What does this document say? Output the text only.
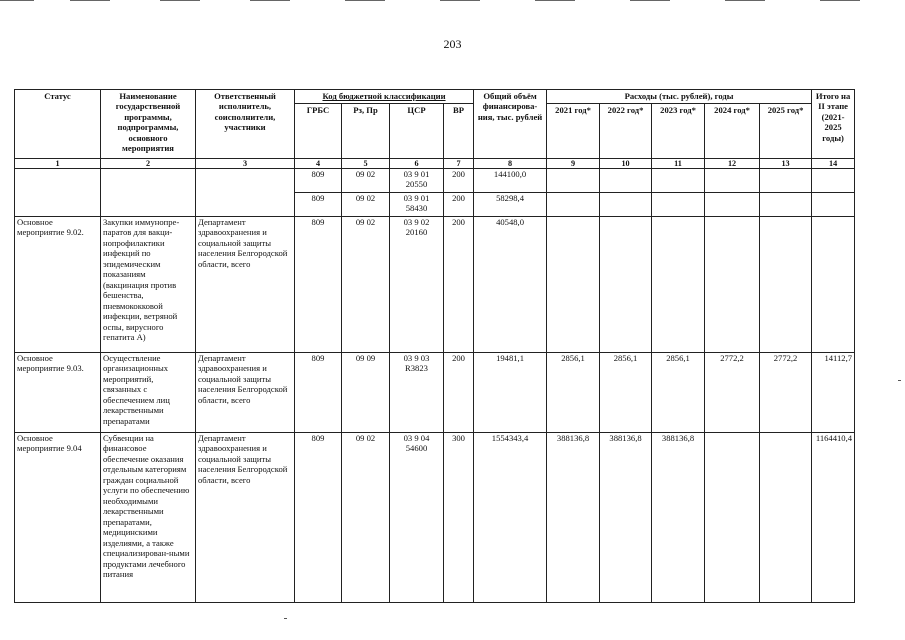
203
Статус	Наименование государственной программы, подпрограммы, основного мероприятия	Ответственный исполнитель, соисполнители, участники	Код бюджетной классификации				Общий объём финансирова-ния, тыс. рублей	Расходы (тыс. рублей), годы					Итого на II этапе (2021-2025 годы)
			ГРБС	Рз, Пр	ЦСР	ВР		2021 год*	2022 год*	2023 год*	2024 год*	2025 год*	
1	2	3	4	5	6	7	8	9	10	11	12	13	14
			809	09 02	03 9 01 20550	200	144100,0						
			809	09 02	03 9 01 58430	200	58298,4						
Основное мероприятие 9.02.	Закупки иммунопре-паратов для вакци-нопрофилактики инфекций по эпидемическим показаниям (вакцинация против бешенства, пневмококковой инфекции, ветряной оспы, вирусного гепатита А)	Департамент здравоохранения и социальной защиты населения Белгородской области, всего	809	09 02	03 9 02 20160	200	40548,0						
Основное мероприятие 9.03.	Осуществление организационных мероприятий, связанных с обеспечением лиц лекарственными препаратами	Департамент здравоохранения и социальной защиты населения Белгородской области, всего	809	09 09	03 9 03 R3823	200	19481,1	2856,1	2856,1	2856,1	2772,2	2772,2	14112,7
Основное мероприятие 9.04	Субвенции на финансовое обеспечение оказания отдельным категориям граждан социальной услуги по обеспечению необходимыми лекарственными препаратами, медицинскими изделиями, а также специализирован-ными продуктами лечебного питания	Департамент здравоохранения и социальной защиты населения Белгородской области, всего	809	09 02	03 9 04 54600	300	1554343,4	388136,8	388136,8	388136,8			1164410,4
